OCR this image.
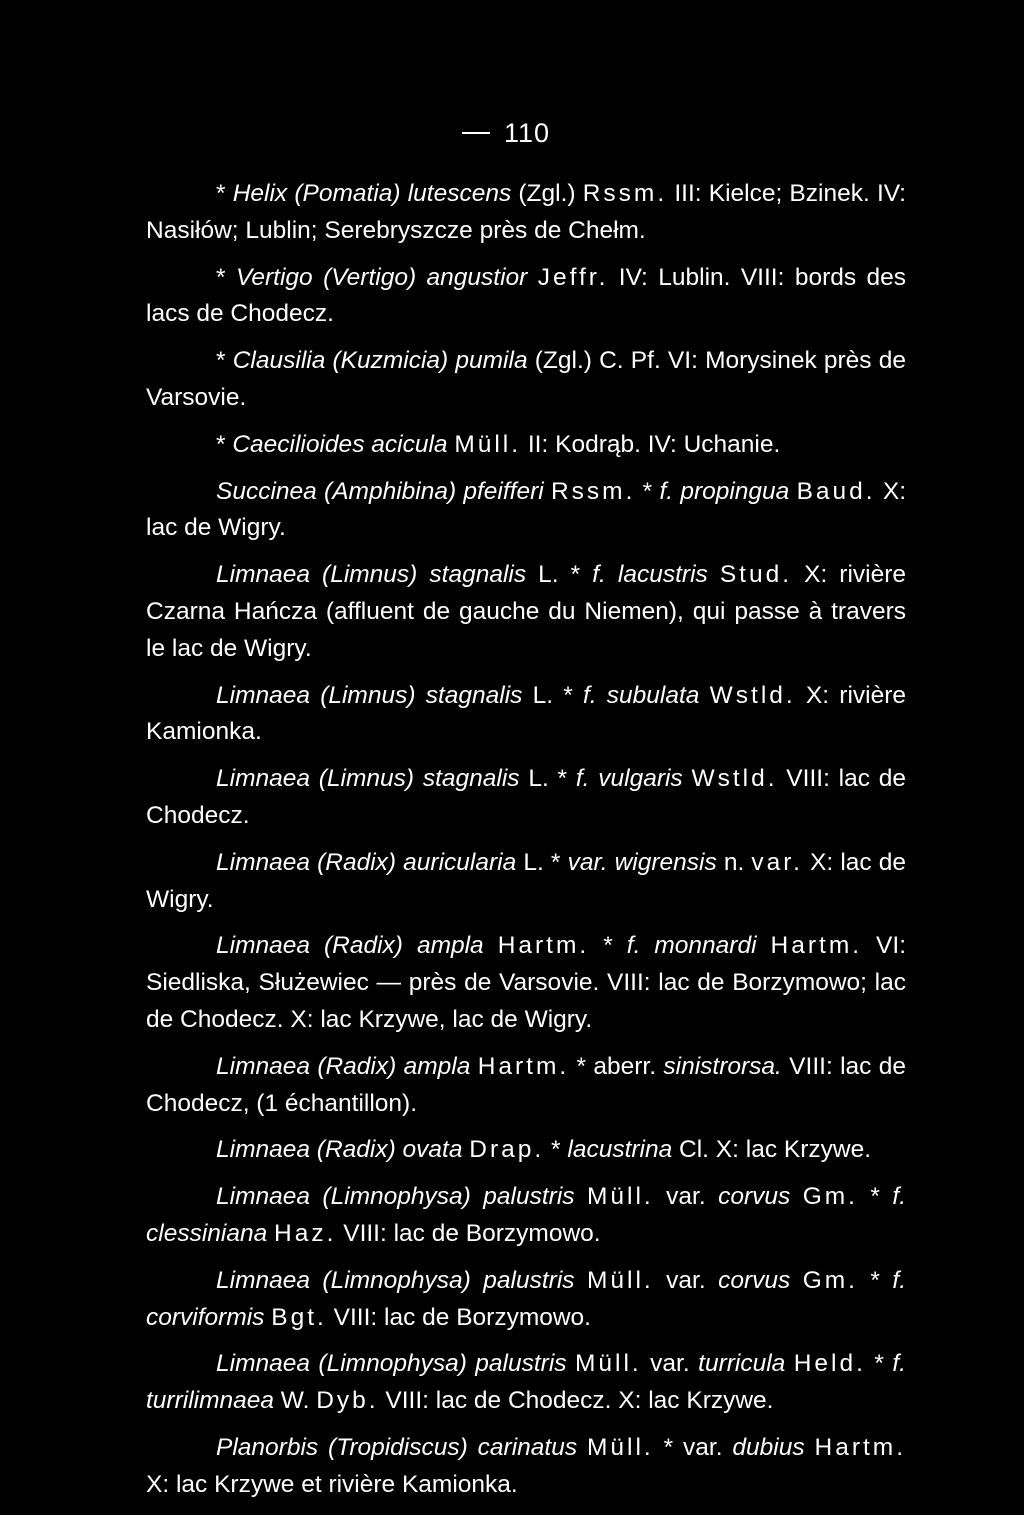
110

* Helix (Pomatia) lutescens (Zgl.) Rssm. III: Kielce; Bzinek. IV: Nasiłów; Lublin; Serebryszcze près de Chełm.

* Vertigo (Vertigo) angustior Jeffr. IV: Lublin. VIII: bords des lacs de Chodecz.

* Clausilia (Kuzmicia) pumila (Zgl.) C. Pf. VI: Morysinek près de Varsovie.

* Caecilioides acicula Müll. II: Kodrąb. IV: Uchanie.

Succinea (Amphibina) pfeifferi Rssm. * f. propingua Baud. X: lac de Wigry.

Limnaea (Limnus) stagnalis L. * f. lacustris Stud. X: rivière Czarna Hańcza (affluent de gauche du Niemen), qui passe à travers le lac de Wigry.

Limnaea (Limnus) stagnalis L. * f. subulata Wstld. X: rivière Kamionka.

Limnaea (Limnus) stagnalis L. * f. vulgaris Wstld. VIII: lac de Chodecz.

Limnaea (Radix) auricularia L. * var. wigrensis n. var. X: lac de Wigry.

Limnaea (Radix) ampla Hartm. * f. monnardi Hartm. VI: Siedliska, Służewiec — près de Varsovie. VIII: lac de Borzymowo; lac de Chodecz. X: lac Krzywe, lac de Wigry.

Limnaea (Radix) ampla Hartm. * aberr. sinistrorsa. VIII: lac de Chodecz, (1 échantillon).

Limnaea (Radix) ovata Drap. * lacustrina Cl. X: lac Krzywe.

Limnaea (Limnophysa) palustris Müll. var. corvus Gm. * f. clessiniana Haz. VIII: lac de Borzymowo.

Limnaea (Limnophysa) palustris Müll. var. corvus Gm. * f. corviformis Bgt. VIII: lac de Borzymowo.

Limnaea (Limnophysa) palustris Müll. var. turricula Held. * f. turrilimnaea W. Dyb. VIII: lac de Chodecz. X: lac Krzywe.

Planorbis (Tropidiscus) carinatus Müll. * var. dubius Hartm. X: lac Krzywe et rivière Kamionka.
